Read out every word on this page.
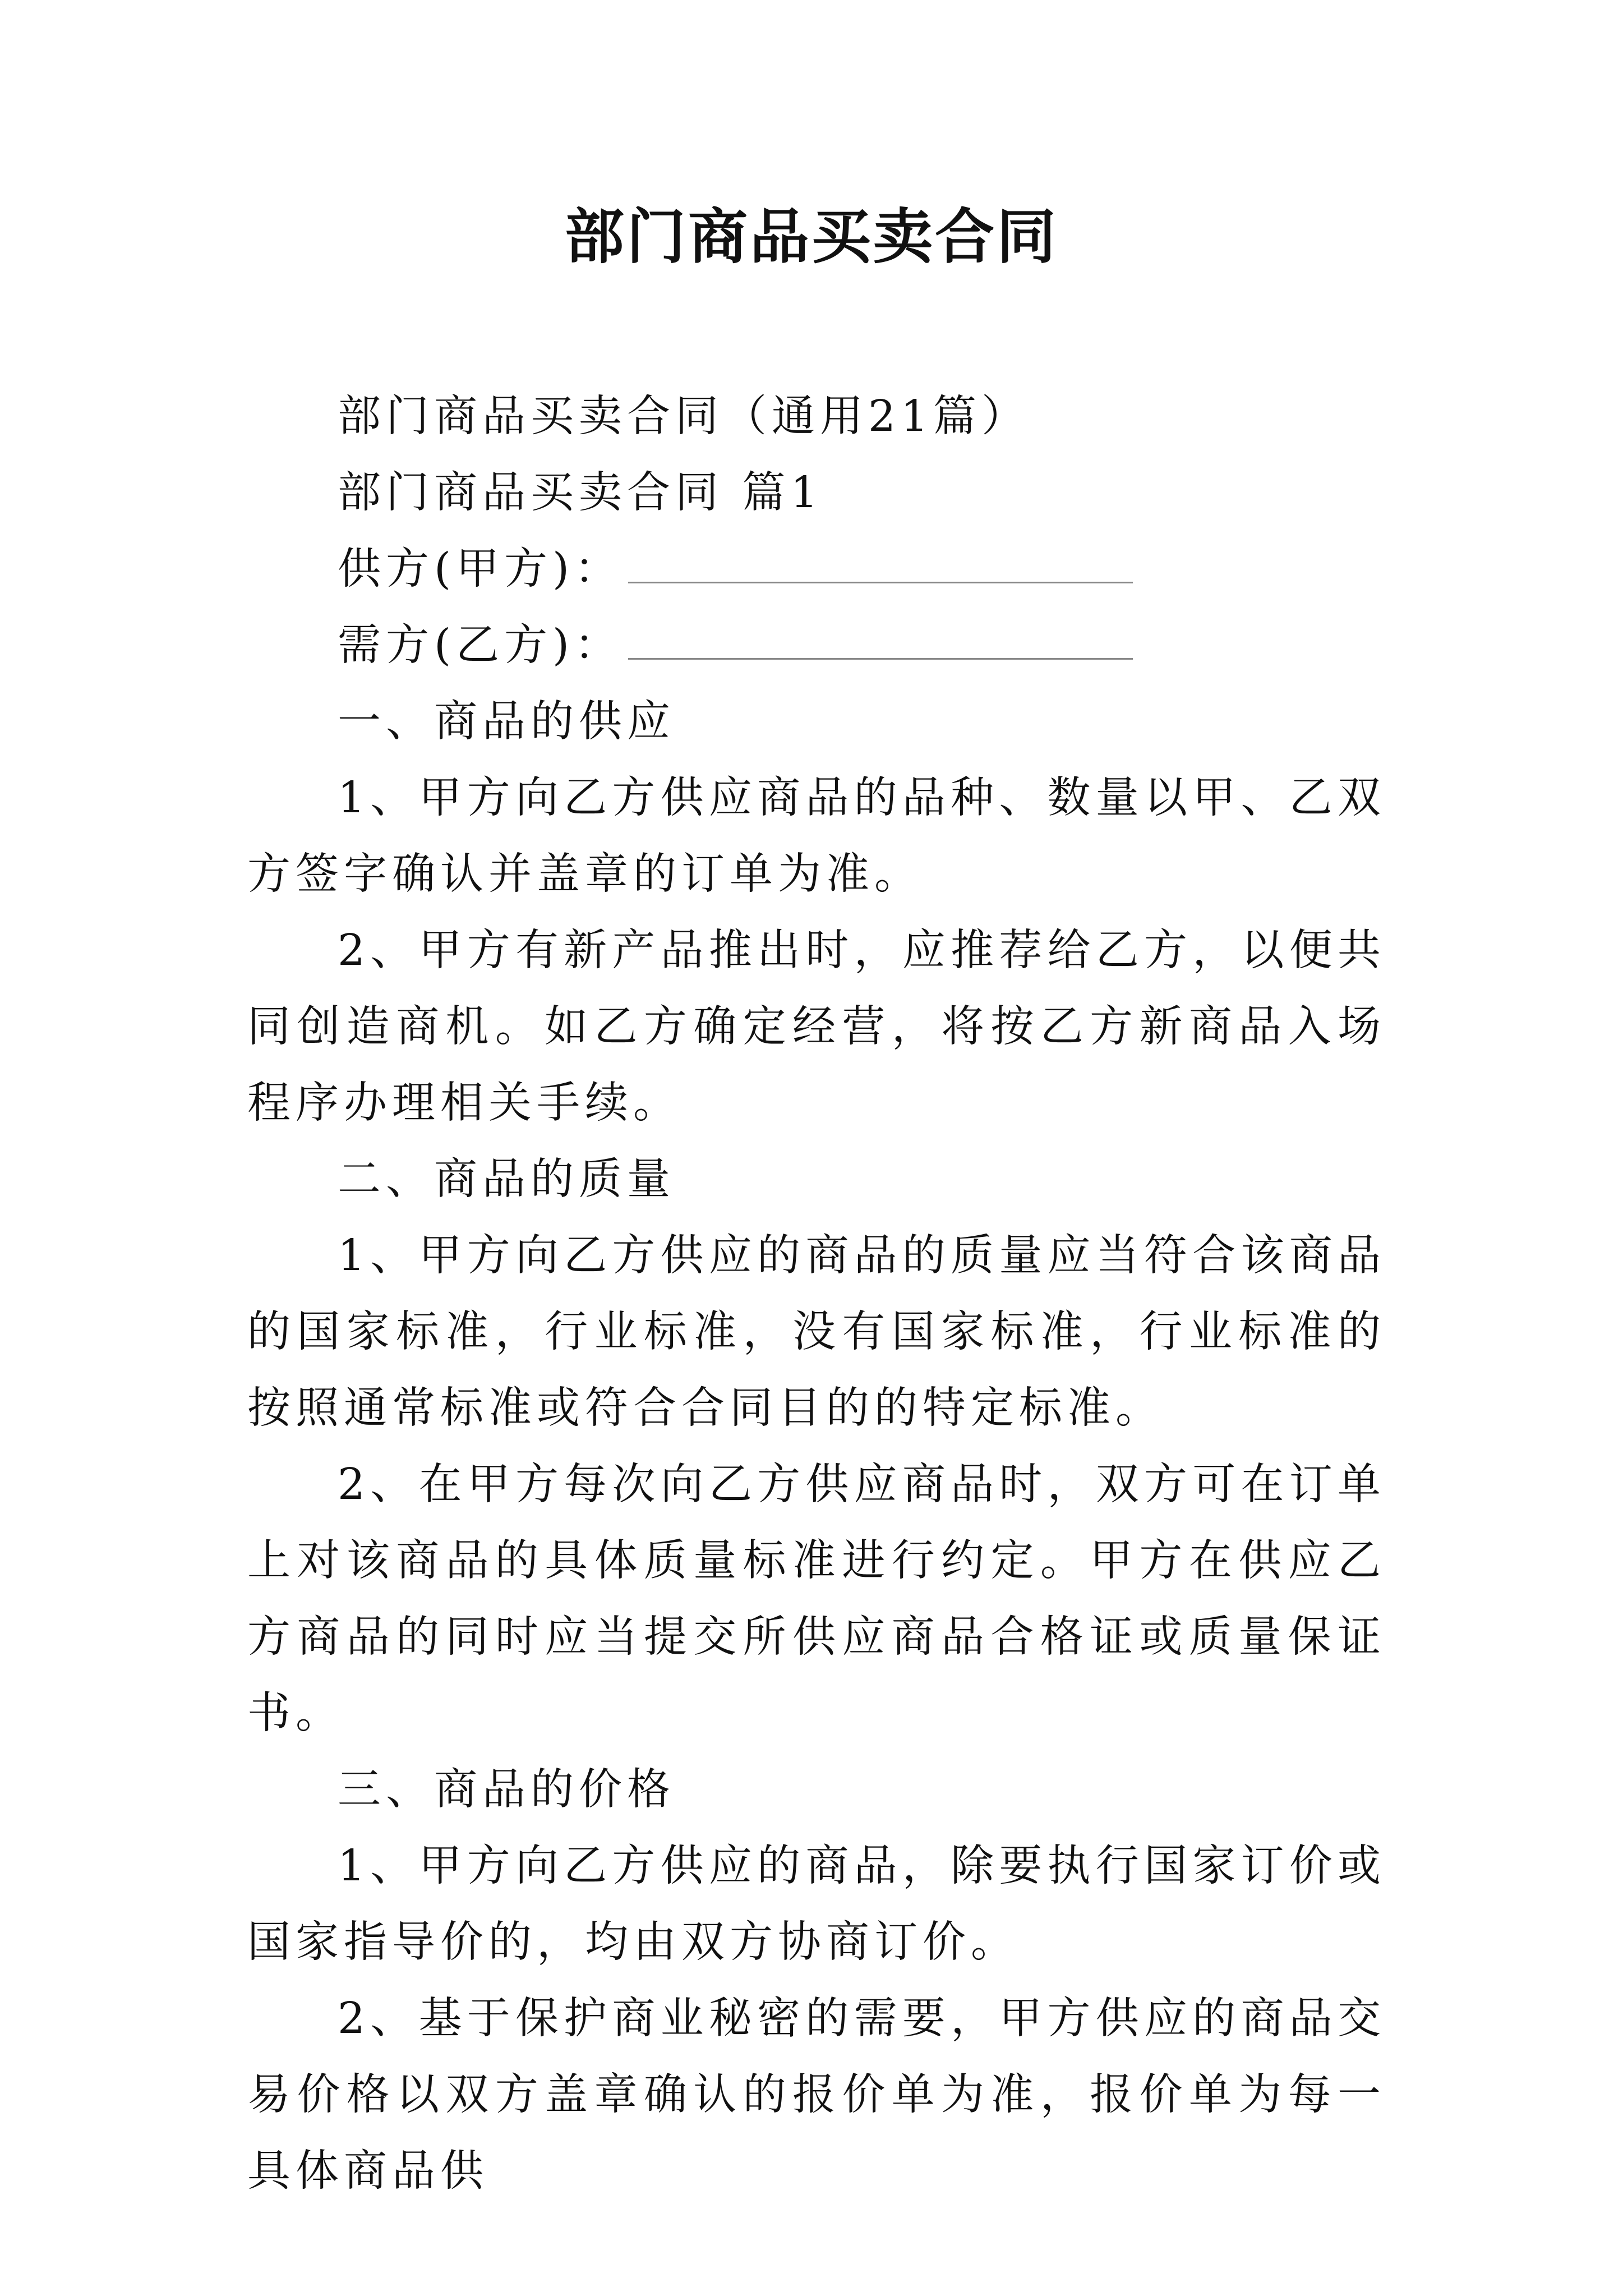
部门商品买卖合同

部门商品买卖合同（通用21篇）

部门商品买卖合同 篇1

供方(甲方)：

需方(乙方)：

一、商品的供应

1、甲方向乙方供应商品的品种、数量以甲、乙双方签字确认并盖章的订单为准。

2、甲方有新产品推出时，应推荐给乙方，以便共同创造商机。如乙方确定经营，将按乙方新商品入场程序办理相关手续。

二、商品的质量

1、甲方向乙方供应的商品的质量应当符合该商品的国家标准，行业标准，没有国家标准，行业标准的按照通常标准或符合合同目的的特定标准。

2、在甲方每次向乙方供应商品时，双方可在订单上对该商品的具体质量标准进行约定。甲方在供应乙方商品的同时应当提交所供应商品合格证或质量保证书。

三、商品的价格

1、甲方向乙方供应的商品，除要执行国家订价或国家指导价的，均由双方协商订价。

2、基于保护商业秘密的需要，甲方供应的商品交易价格以双方盖章确认的报价单为准，报价单为每一具体商品供
